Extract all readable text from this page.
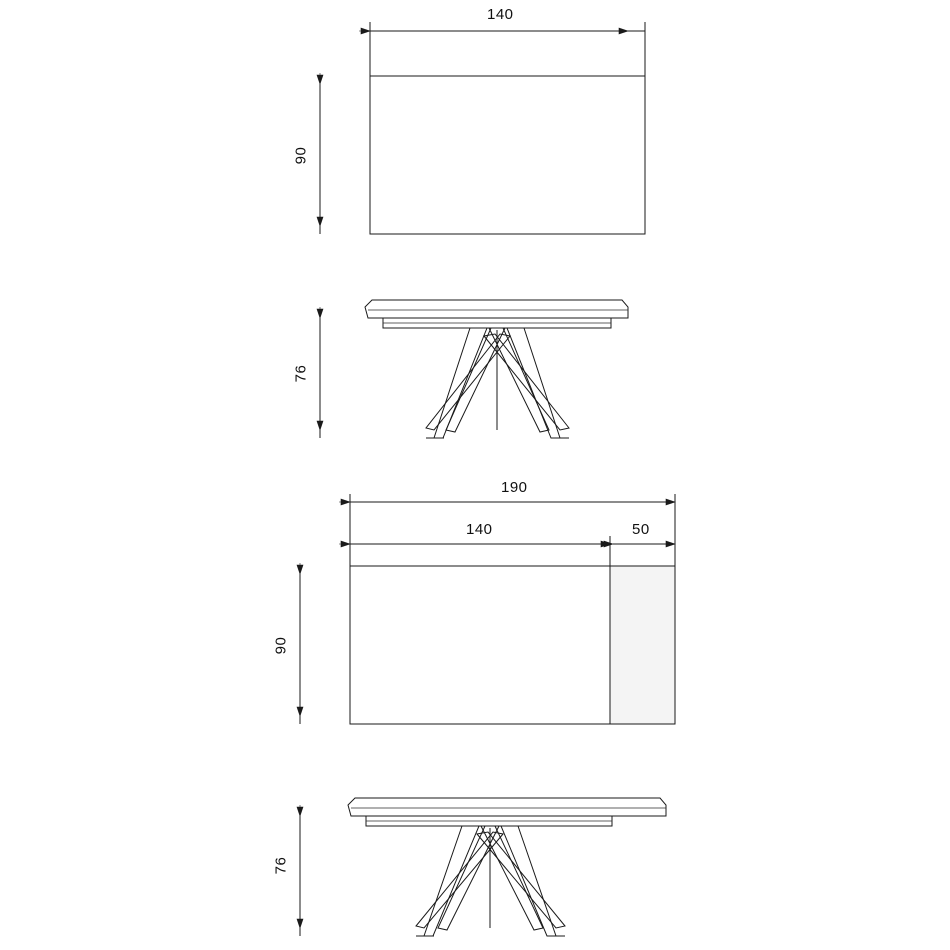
140
90
76
190
140	50
90
76
